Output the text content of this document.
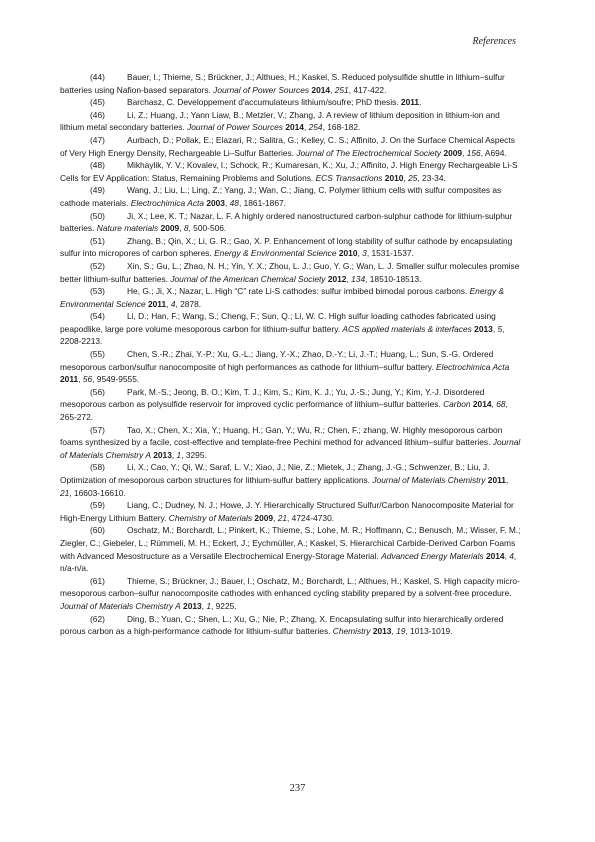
References

(44)	Bauer, I.; Thieme, S.; Brückner, J.; Althues, H.; Kaskel, S. Reduced polysulfide shuttle in lithium–sulfur batteries using Nafion-based separators. Journal of Power Sources 2014, 251, 417-422.

(45)	Barchasz, C. Developpement d'accumulateurs lithium/soufre; PhD thesis. 2011.

(46)	Li, Z.; Huang, J.; Yann Liaw, B.; Metzler, V.; Zhang, J. A review of lithium deposition in lithium-ion and lithium metal secondary batteries. Journal of Power Sources 2014, 254, 168-182.

(47)	Aurbach, D.; Pollak, E.; Elazari, R.; Salitra, G.; Kelley, C. S.; Affinito, J. On the Surface Chemical Aspects of Very High Energy Density, Rechargeable Li–Sulfur Batteries. Journal of The Electrochemical Society 2009, 156, A694.

(48)	Mikhaylik, Y. V.; Kovalev, I.; Schock, R.; Kumaresan, K.; Xu, J.; Affinito, J. High Energy Rechargeable Li-S Cells for EV Application: Status, Remaining Problems and Solutions. ECS Transactions 2010, 25, 23-34.

(49)	Wang, J.; Liu, L.; Ling, Z.; Yang, J.; Wan, C.; Jiang, C. Polymer lithium cells with sulfur composites as cathode materials. Electrochimica Acta 2003, 48, 1861-1867.

(50)	Ji, X.; Lee, K. T.; Nazar, L. F. A highly ordered nanostructured carbon-sulphur cathode for lithium-sulphur batteries. Nature materials 2009, 8, 500-506.

(51)	Zhang, B.; Qin, X.; Li, G. R.; Gao, X. P. Enhancement of long stability of sulfur cathode by encapsulating sulfur into micropores of carbon spheres. Energy & Environmental Science 2010, 3, 1531-1537.

(52)	Xin, S.; Gu, L.; Zhao, N. H.; Yin, Y. X.; Zhou, L. J.; Guo, Y. G.; Wan, L. J. Smaller sulfur molecules promise better lithium-sulfur batteries. Journal of the American Chemical Society 2012, 134, 18510-18513.

(53)	He, G.; Ji, X.; Nazar, L. High “C” rate Li-S cathodes: sulfur imbibed bimodal porous carbons. Energy & Environmental Science 2011, 4, 2878.

(54)	Li, D.; Han, F.; Wang, S.; Cheng, F.; Sun, Q.; Li, W. C. High sulfur loading cathodes fabricated using peapodlike, large pore volume mesoporous carbon for lithium-sulfur battery. ACS applied materials & interfaces 2013, 5, 2208-2213.

(55)	Chen, S.-R.; Zhai, Y.-P.; Xu, G.-L.; Jiang, Y.-X.; Zhao, D.-Y.; Li, J.-T.; Huang, L.; Sun, S.-G. Ordered mesoporous carbon/sulfur nanocomposite of high performances as cathode for lithium–sulfur battery. Electrochimica Acta 2011, 56, 9549-9555.

(56)	Park, M.-S.; Jeong, B. O.; Kim, T. J.; Kim, S.; Kim, K. J.; Yu, J.-S.; Jung, Y.; Kim, Y.-J. Disordered mesoporous carbon as polysulfide reservoir for improved cyclic performance of lithium–sulfur batteries. Carbon 2014, 68, 265-272.

(57)	Tao, X.; Chen, X.; Xia, Y.; Huang, H.; Gan, Y.; Wu, R.; Chen, F.; zhang, W. Highly mesoporous carbon foams synthesized by a facile, cost-effective and template-free Pechini method for advanced lithium–sulfur batteries. Journal of Materials Chemistry A 2013, 1, 3295.

(58)	Li, X.; Cao, Y.; Qi, W.; Saraf, L. V.; Xiao, J.; Nie, Z.; Mietek, J.; Zhang, J.-G.; Schwenzer, B.; Liu, J. Optimization of mesoporous carbon structures for lithium-sulfur battery applications. Journal of Materials Chemistry 2011, 21, 16603-16610.

(59)	Liang, C.; Dudney, N. J.; Howe, J. Y. Hierarchically Structured Sulfur/Carbon Nanocomposite Material for High-Energy Lithium Battery. Chemistry of Materials 2009, 21, 4724-4730.

(60)	Oschatz, M.; Borchardt, L.; Pinkert, K.; Thieme, S.; Lohe, M. R.; Hoffmann, C.; Benusch, M.; Wisser, F. M.; Ziegler, C.; Giebeler, L.; Rümmeli, M. H.; Eckert, J.; Eychmüller, A.; Kaskel, S. Hierarchical Carbide-Derived Carbon Foams with Advanced Mesostructure as a Versatile Electrochemical Energy-Storage Material. Advanced Energy Materials 2014, 4, n/a-n/a.

(61)	Thieme, S.; Brückner, J.; Bauer, I.; Oschatz, M.; Borchardt, L.; Althues, H.; Kaskel, S. High capacity micro-mesoporous carbon–sulfur nanocomposite cathodes with enhanced cycling stability prepared by a solvent-free procedure. Journal of Materials Chemistry A 2013, 1, 9225.

(62)	Ding, B.; Yuan, C.; Shen, L.; Xu, G.; Nie, P.; Zhang, X. Encapsulating sulfur into hierarchically ordered porous carbon as a high-performance cathode for lithium-sulfur batteries. Chemistry 2013, 19, 1013-1019.

237
